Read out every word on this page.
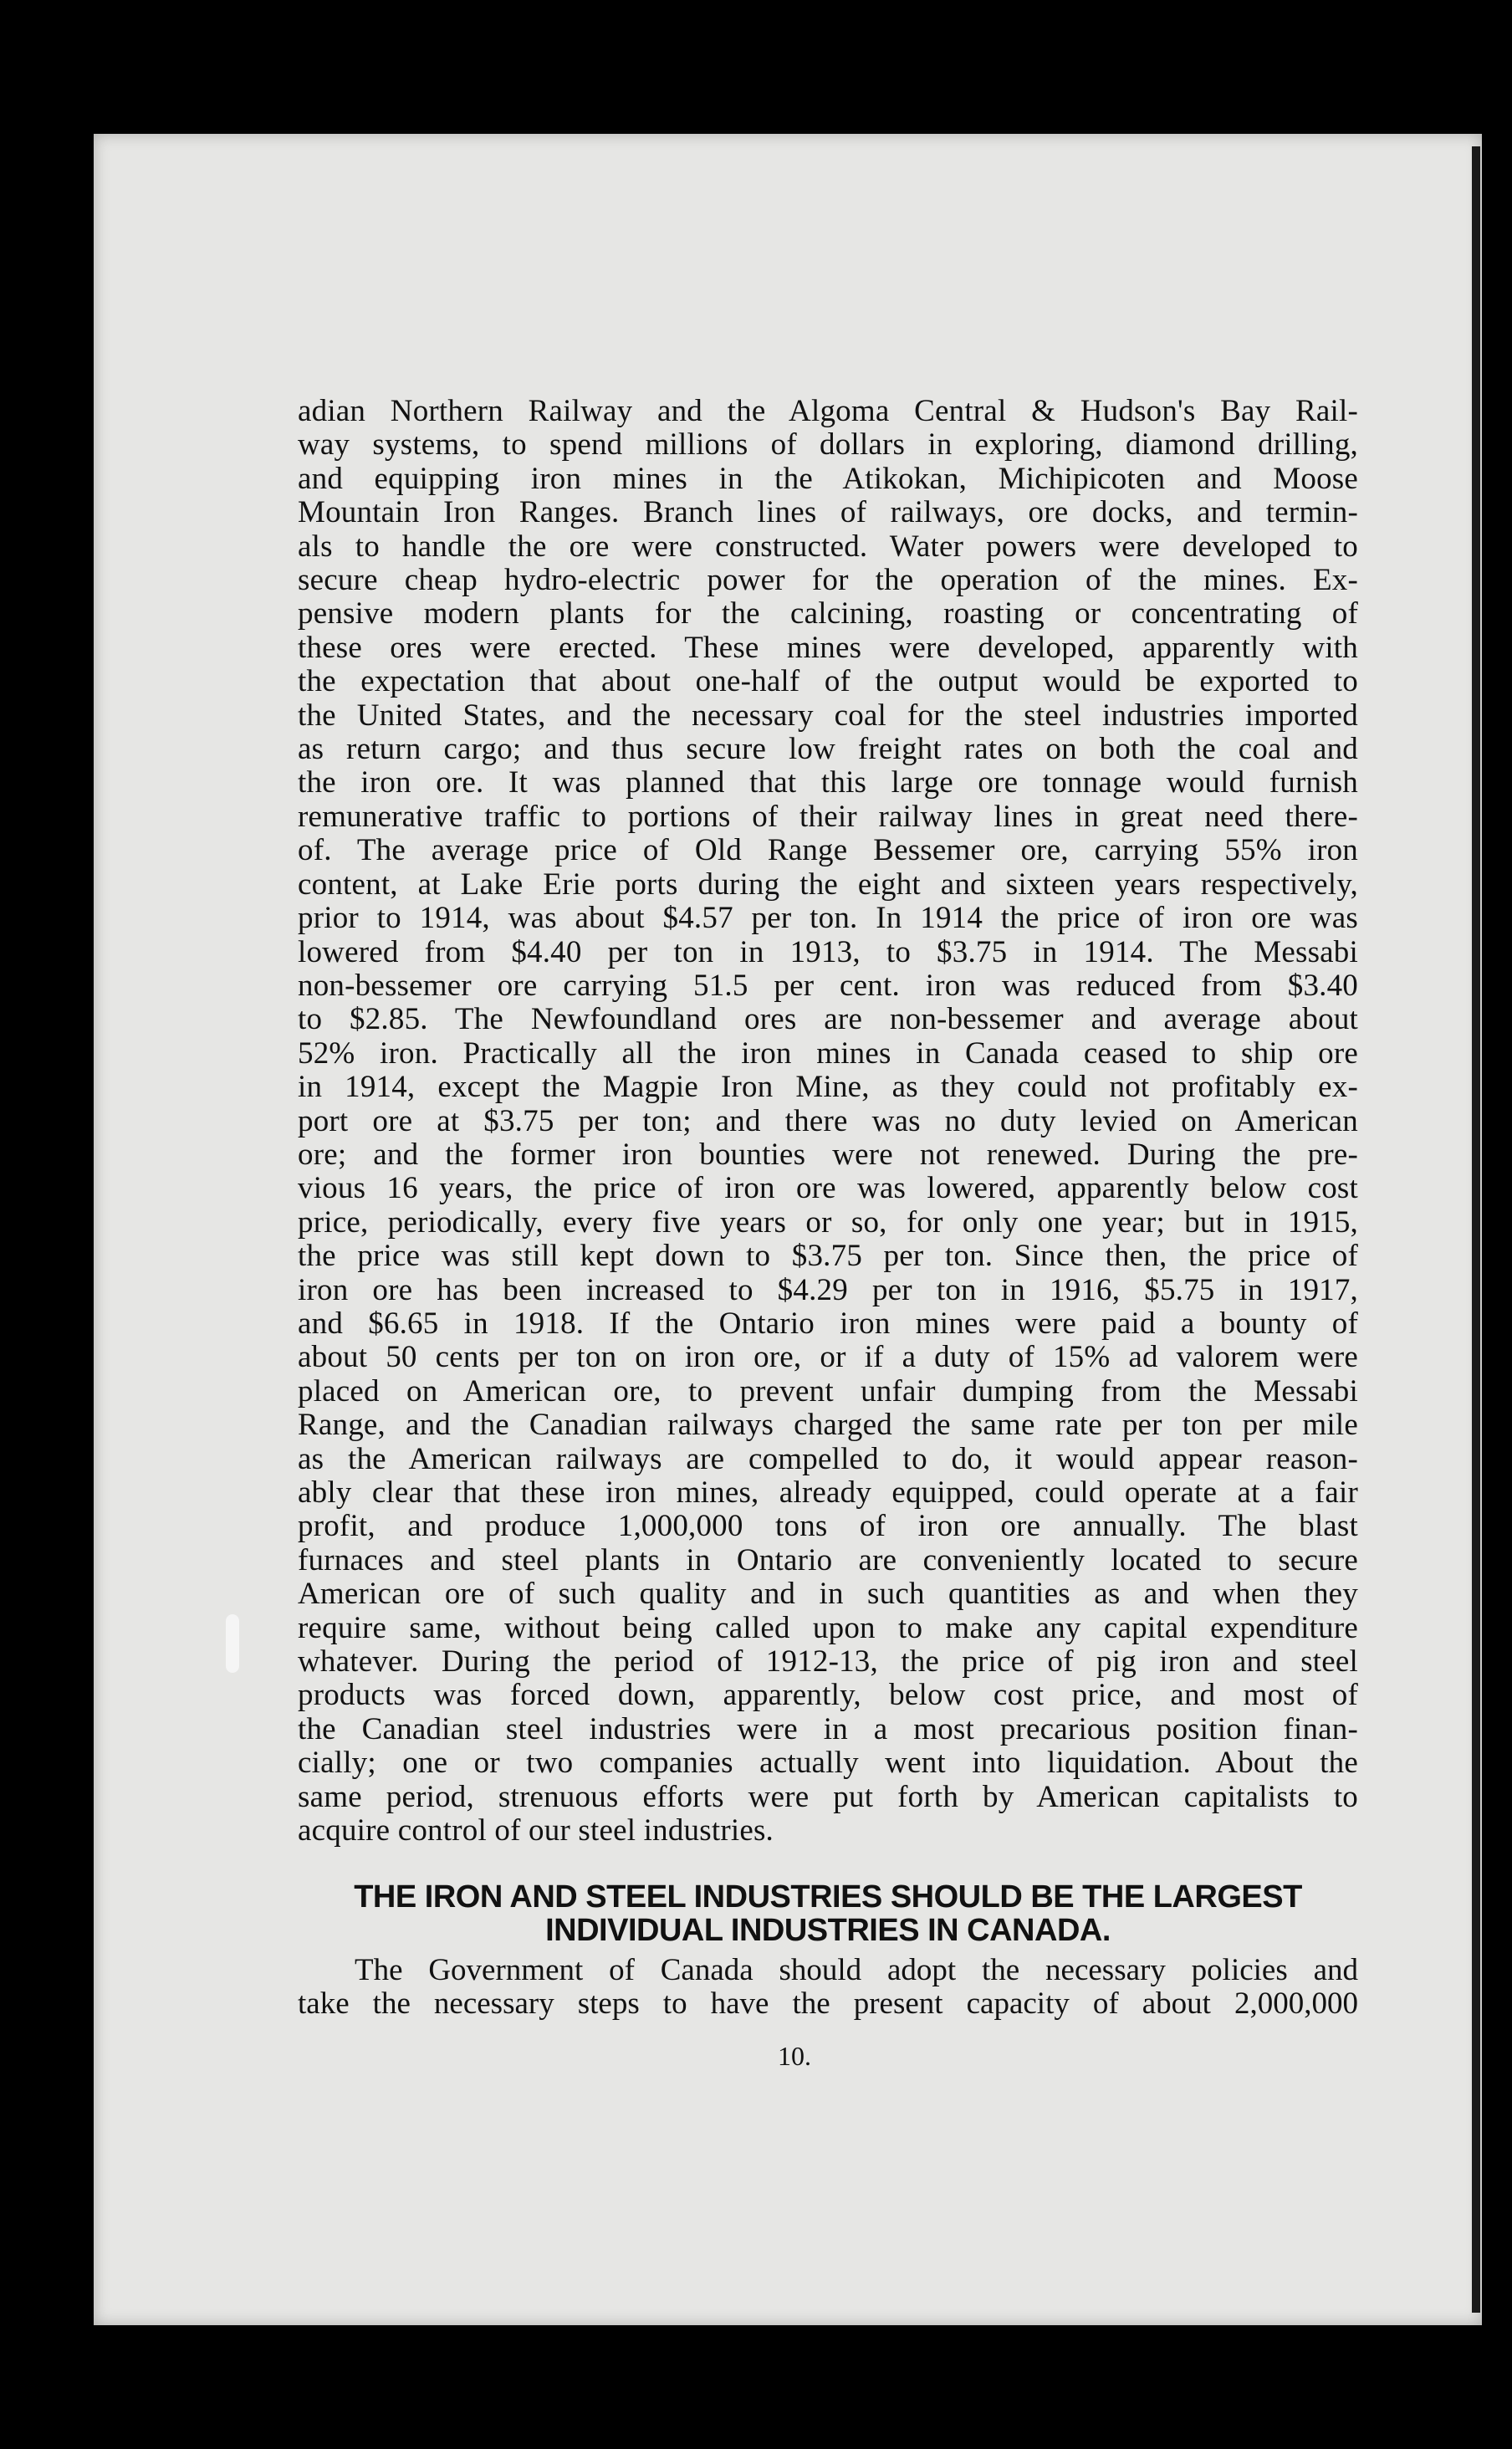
adian Northern Railway and the Algoma Central & Hudson's Bay Rail-
way systems, to spend millions of dollars in exploring, diamond drilling,
and equipping iron mines in the Atikokan, Michipicoten and Moose
Mountain Iron Ranges. Branch lines of railways, ore docks, and termin-
als to handle the ore were constructed. Water powers were developed to
secure cheap hydro-electric power for the operation of the mines. Ex-
pensive modern plants for the calcining, roasting or concentrating of
these ores were erected. These mines were developed, apparently with
the expectation that about one-half of the output would be exported to
the United States, and the necessary coal for the steel industries imported
as return cargo; and thus secure low freight rates on both the coal and
the iron ore. It was planned that this large ore tonnage would furnish
remunerative traffic to portions of their railway lines in great need there-
of. The average price of Old Range Bessemer ore, carrying 55% iron
content, at Lake Erie ports during the eight and sixteen years respectively,
prior to 1914, was about $4.57 per ton. In 1914 the price of iron ore was
lowered from $4.40 per ton in 1913, to $3.75 in 1914. The Messabi
non-bessemer ore carrying 51.5 per cent. iron was reduced from $3.40
to $2.85. The Newfoundland ores are non-bessemer and average about
52% iron. Practically all the iron mines in Canada ceased to ship ore
in 1914, except the Magpie Iron Mine, as they could not profitably ex-
port ore at $3.75 per ton; and there was no duty levied on American
ore; and the former iron bounties were not renewed. During the pre-
vious 16 years, the price of iron ore was lowered, apparently below cost
price, periodically, every five years or so, for only one year; but in 1915,
the price was still kept down to $3.75 per ton. Since then, the price of
iron ore has been increased to $4.29 per ton in 1916, $5.75 in 1917,
and $6.65 in 1918. If the Ontario iron mines were paid a bounty of
about 50 cents per ton on iron ore, or if a duty of 15% ad valorem were
placed on American ore, to prevent unfair dumping from the Messabi
Range, and the Canadian railways charged the same rate per ton per mile
as the American railways are compelled to do, it would appear reason-
ably clear that these iron mines, already equipped, could operate at a fair
profit, and produce 1,000,000 tons of iron ore annually. The blast
furnaces and steel plants in Ontario are conveniently located to secure
American ore of such quality and in such quantities as and when they
require same, without being called upon to make any capital expenditure
whatever. During the period of 1912-13, the price of pig iron and steel
products was forced down, apparently, below cost price, and most of
the Canadian steel industries were in a most precarious position finan-
cially; one or two companies actually went into liquidation. About the
same period, strenuous efforts were put forth by American capitalists to
acquire control of our steel industries.
THE IRON AND STEEL INDUSTRIES SHOULD BE THE LARGEST
INDIVIDUAL INDUSTRIES IN CANADA.
The Government of Canada should adopt the necessary policies and
take the necessary steps to have the present capacity of about 2,000,000
10.
